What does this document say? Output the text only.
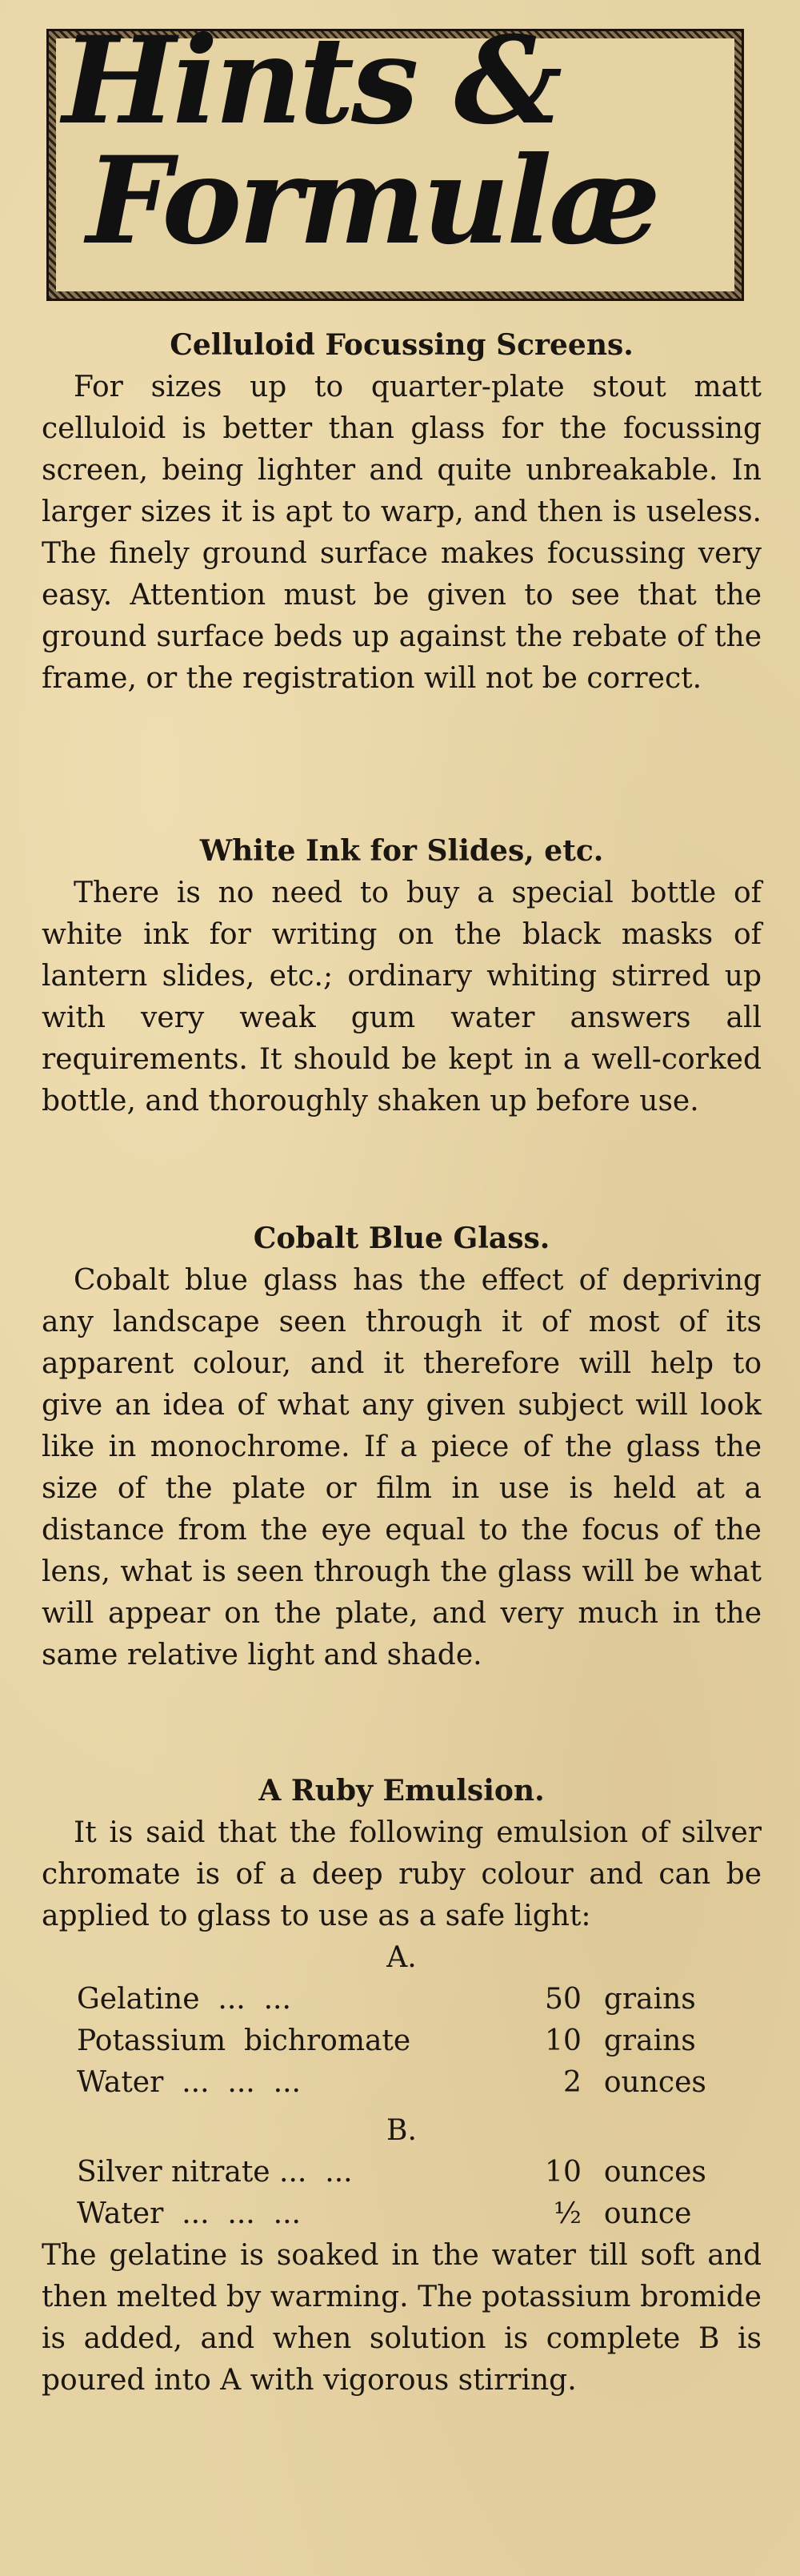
Hints &
Formulæ
Celluloid Focussing Screens.

For sizes up to quarter-plate stout matt celluloid is better than glass for the focussing screen, being lighter and quite unbreakable. In larger sizes it is apt to warp, and then is useless. The finely ground surface makes focussing very easy. Attention must be given to see that the ground surface beds up against the rebate of the frame, or the registration will not be correct.

White Ink for Slides, etc.

There is no need to buy a special bottle of white ink for writing on the black masks of lantern slides, etc.; ordinary whiting stirred up with very weak gum water answers all requirements. It should be kept in a well-corked bottle, and thoroughly shaken up before use.

Cobalt Blue Glass.

Cobalt blue glass has the effect of depriving any landscape seen through it of most of its apparent colour, and it therefore will help to give an idea of what any given subject will look like in monochrome. If a piece of the glass the size of the plate or film in use is held at a distance from the eye equal to the focus of the lens, what is seen through the glass will be what will appear on the plate, and very much in the same relative light and shade.

A Ruby Emulsion.

It is said that the following emulsion of silver chromate is of a deep ruby colour and can be applied to glass to use as a safe light:

A.
Gelatine  ...  ...	50 grains
Potassium  bichromate	10 grains
Water  ...  ...  ...	2 ounces
B.
Silver nitrate ...  ...	10 ounces
Water  ...  ...  ...	½ ounce
The gelatine is soaked in the water till soft and then melted by warming. The potassium bromide is added, and when solution is complete B is poured into A with vigorous stirring.
